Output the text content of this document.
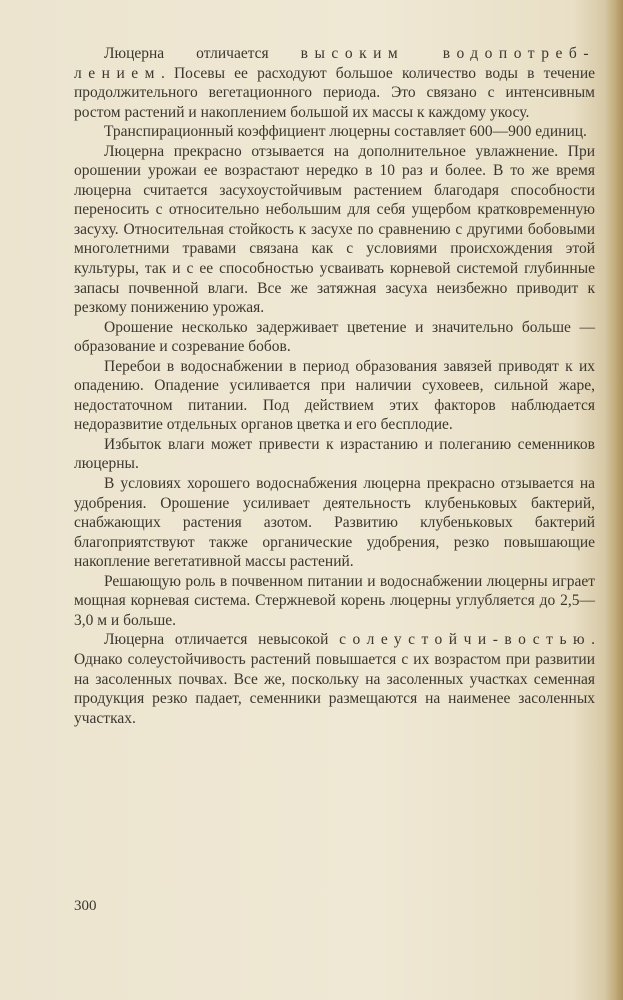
Люцерна отличается высоким водопотреб-лением. Посевы ее расходуют большое количество воды в течение продолжительного вегетационного периода. Это связано с интенсивным ростом растений и накоплением большой их массы к каждому укосу.

Транспирационный коэффициент люцерны составляет 600—900 единиц.

Люцерна прекрасно отзывается на дополнительное увлажнение. При орошении урожаи ее возрастают нередко в 10 раз и более. В то же время люцерна считается засухоустойчивым растением благодаря способности переносить с относительно небольшим для себя ущербом кратковременную засуху. Относительная стойкость к засухе по сравнению с другими бобовыми многолетними травами связана как с условиями происхождения этой культуры, так и с ее способностью усваивать корневой системой глубинные запасы почвенной влаги. Все же затяжная засуха неизбежно приводит к резкому понижению урожая.

Орошение несколько задерживает цветение и значительно больше — образование и созревание бобов.

Перебои в водоснабжении в период образования завязей приводят к их опадению. Опадение усиливается при наличии суховеев, сильной жаре, недостаточном питании. Под действием этих факторов наблюдается недоразвитие отдельных органов цветка и его бесплодие.

Избыток влаги может привести к израстанию и полеганию семенников люцерны.

В условиях хорошего водоснабжения люцерна прекрасно отзывается на удобрения. Орошение усиливает деятельность клубеньковых бактерий, снабжающих растения азотом. Развитию клубеньковых бактерий благоприятствуют также органические удобрения, резко повышающие накопление вегетативной массы растений.

Решающую роль в почвенном питании и водоснабжении люцерны играет мощная корневая система. Стержневой корень люцерны углубляется до 2,5—3,0 м и больше.

Люцерна отличается невысокой солеустойчи-востью. Однако солеустойчивость растений повышается с их возрастом при развитии на засоленных почвах. Все же, поскольку на засоленных участках семенная продукция резко падает, семенники размещаются на наименее засоленных участках.

300
